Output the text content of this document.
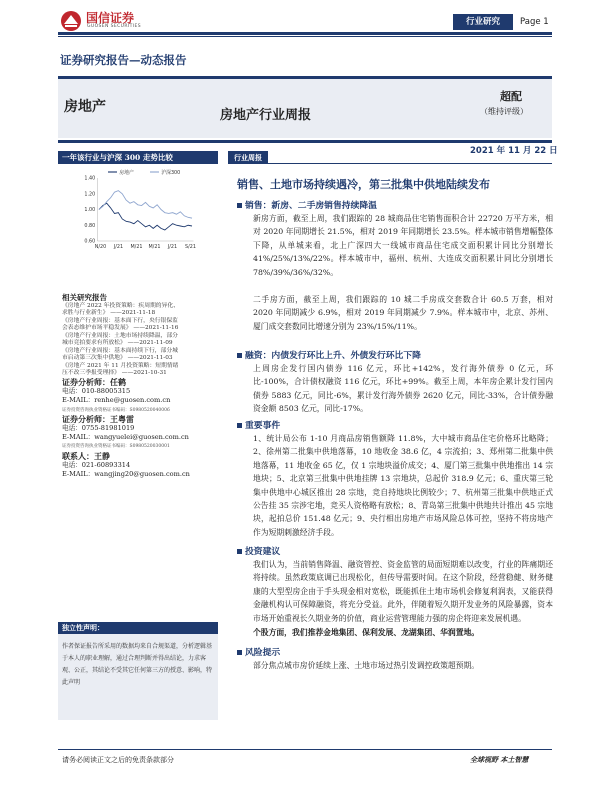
国信证券
GUOSEN SECURITIES	行业研究	Page 1
证券研究报告—动态报告
房地产
房地产行业周报
超配
（维持评级）
2021 年 11 月 22 日
一年该行业与沪深 300 走势比较
1.40
1.20
1.00
0.80
0.60
N/20 J/21 M/21 M/21 J/21 S/21
房地产	沪深300
相关研究报告
《房地产 2022 年投资策略：疾周期的异化、
求胜与行业新生》 ——2021-11-18
《房地产行业周报：基本面下行，央行银保监
会表态维护市场平稳发展》 ——2021-11-16
《房地产行业周报：土地市场持续降温，部分
城市竞拍要求有所放松》 ——2021-11-09
《房地产行业周报：基本面持续下行，部分城
市启动第三次集中供地》 ——2021-11-03
《房地产 2021 年 11 月投资策略：短期情绪
压不改三季报受理择》 ——2021-10-31
证券分析师：任鹤
电话：010-88005315
E-MAIL：renhe@guosen.com.cn
证券投资咨询执业资格证书编码：S0980520040006
证券分析师：王粤雷
电话：0755-81981019
E-MAIL：wangyuelei@guosen.com.cn
证券投资咨询执业资格证书编码：S0980520030001
联系人：王静
电话：021-60893314
E-MAIL：wangjing20@guosen.com.cn
独立性声明：
作者保证报告所采用的数据均来自合规渠道，分析逻辑基于本人的职业理解，通过合理判断并得出结论，力求客观、公正，其结论不受其它任何第三方的授意、影响，特此声明
行业周报
销售、土地市场持续遇冷，第三批集中供地陆续发布
销售：新房、二手房销售持续降温
新房方面，截至上周，我们跟踪的 28 城商品住宅销售面积合计 22720 万平方米，相对 2020 年同期增长 21.5%，相对 2019 年同期增长 23.5%。样本城市销售增幅整体下降，从单城来看，北上广深四大一线城市商品住宅成交面积累计同比分别增长 41%/25%/13%/22%。样本城市中，福州、杭州、大连成交面积累计同比分别增长 78%/39%/36%/32%。
二手房方面，截至上周，我们跟踪的 10 城二手房成交套数合计 60.5 万套，相对 2020 年同期减少 6.9%，相对 2019 年同期减少 7.9%。样本城市中，北京、苏州、厦门成交套数同比增速分别为 23%/15%/11%。
融资：内债发行环比上升、外债发行环比下降
上周房企发行国内债券 116 亿元，环比+142%，发行海外债券 0 亿元，环比-100%，合计债权融资 116 亿元，环比+99%。截至上周，本年房企累计发行国内债券 5883 亿元，同比-6%，累计发行海外债券 2620 亿元，同比-33%，合计债券融资金额 8503 亿元，同比-17%。
重要事件
1、统计局公布 1-10 月商品房销售额降 11.8%，大中城市商品住宅价格环比略降；2、徐州第二批集中供地落幕，10 地收金 38.6 亿，4 宗流拍；3、郑州第二批集中供地落幕，11 地收金 65 亿，仅 1 宗地块溢价成交；4、厦门第三批集中供地推出 14 宗地块；5、北京第三批集中供地挂牌 13 宗地块，总起价 318.9 亿元；6、重庆第三轮集中供地中心城区推出 28 宗地，竞自持地块比例较少；7、杭州第三批集中供地正式公告挂 35 宗涉宅地，竞买人资格略有放松；8、青岛第三批集中供地共计推出 45 宗地块，起拍总价 151.48 亿元；9、央行相出房地产市场风险总体可控，坚持不将房地产作为短期刺激经济手段。
投资建议
我们认为，当前销售降温、融资管控、资金监管的局面短期难以改变，行业的阵痛期还将持续。虽然政策底调已出现松化，但传导需要时间。在这个阶段，经营稳健、财务健康的大型型房企由于手头现金相对宽松，既能抓住土地市场机会修复利润表，又能获得金融机构认可保障融资，将充分受益。此外，伴随着短久期开发业务的风险暴露，资本市场开始重视长久期业务的价值，商业运营管理能力强的房企将迎来发展机遇。
个股方面，我们推荐金地集团、保利发展、龙湖集团、华润置地。
风险提示
部分焦点城市房价延续上涨、土地市场过热引发调控政策超预期。
请务必阅读正文之后的免责条款部分	全球视野 本土智慧
